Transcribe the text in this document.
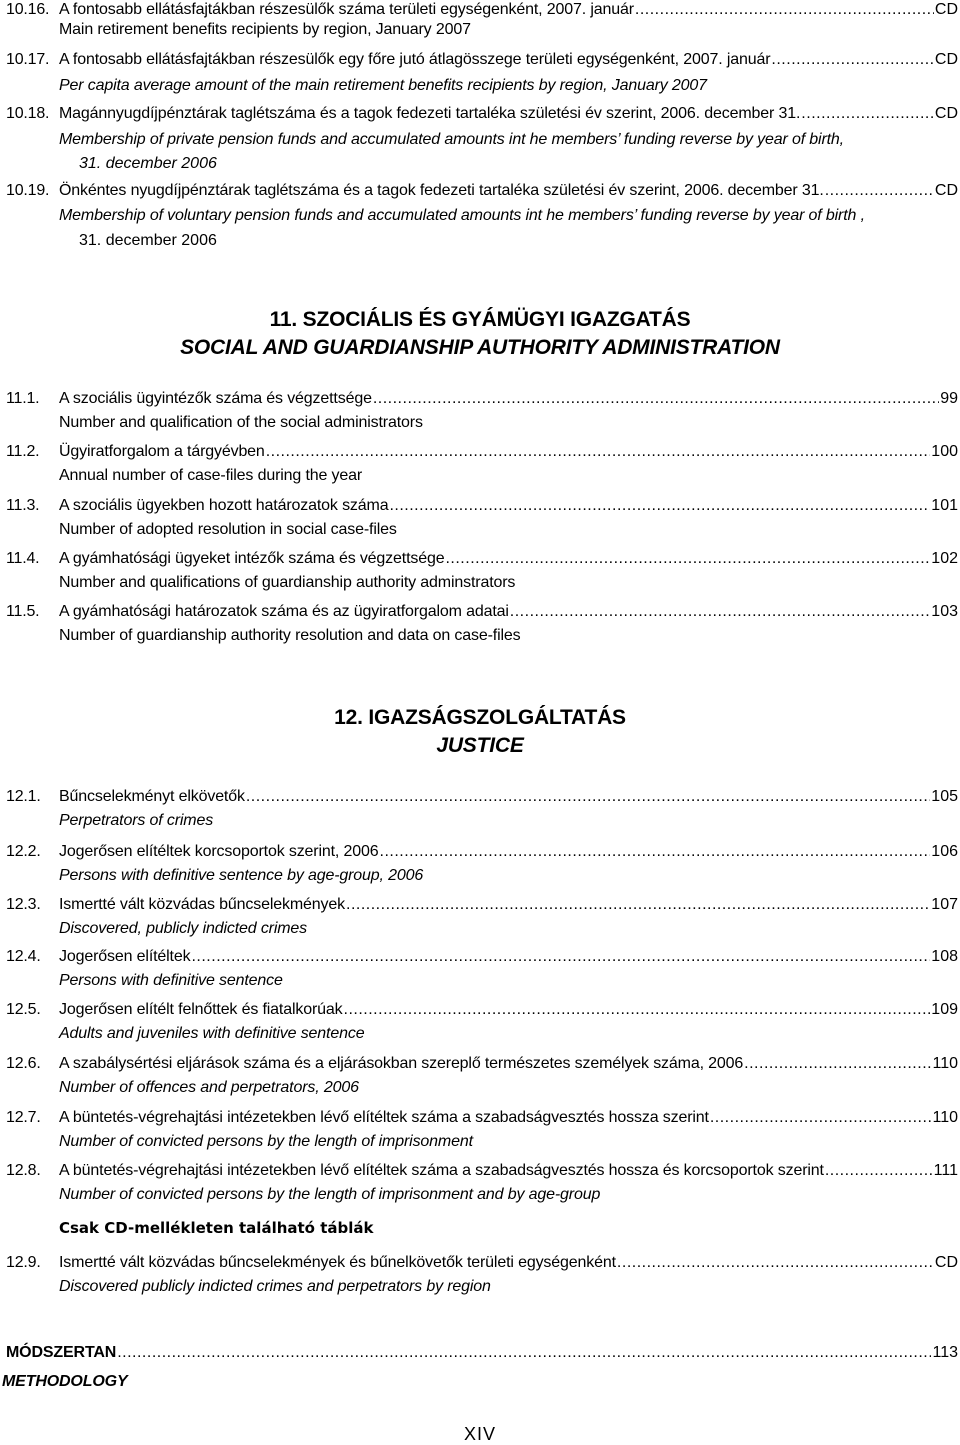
10.16. A fontosabb ellátásfajtákban részesülők száma területi egységenként, 2007. január .....	CD
Main retirement benefits recipients by region, January 2007
10.17. A fontosabb ellátásfajtákban részesülők egy főre jutó átlagösszege területi egységenként, 2007. január .....	CD
Per capita average amount of the main retirement benefits recipients by region, January 2007
10.18. Magánnyugdíjpénztárak taglétszáma és a tagok fedezeti tartaléka születési év szerint, 2006. december 31. .....	CD
Membership of private pension funds and accumulated amounts int he members’ funding reverse by year of birth,
31. december 2006
10.19. Önkéntes nyugdíjpénztárak taglétszáma és a tagok fedezeti tartaléka születési év szerint, 2006. december 31. .....	CD
Membership of voluntary pension funds and accumulated amounts int he members’ funding reverse by year of birth ,
31. december 2006
11. SZOCIÁLIS ÉS GYÁMÜGYI IGAZGATÁS
SOCIAL AND GUARDIANSHIP AUTHORITY ADMINISTRATION
11.1.	A szociális ügyintézők száma és végzettsége .....	99
Number and qualification of the social administrators
11.2.	Ügyiratforgalom a tárgyévben .....	100
Annual number of case-files during the year
11.3.	A szociális ügyekben hozott határozatok száma .....	101
Number of adopted resolution in social case-files
11.4.	A gyámhatósági ügyeket intézők száma és végzettsége .....	102
Number and qualifications of guardianship authority adminstrators
11.5.	A gyámhatósági határozatok száma és az ügyiratforgalom adatai .....	103
Number of guardianship authority resolution and data on case-files
12. IGAZSÁGSZOLGÁLTATÁS
JUSTICE
12.1.	Bűncselekményt elkövetők .....	105
Perpetrators of crimes
12.2.	Jogerősen elítéltek korcsoportok szerint, 2006 .....	106
Persons with definitive sentence by age-group, 2006
12.3.	Ismertté vált közvádas bűncselekmények .....	107
Discovered, publicly indicted crimes
12.4.	Jogerősen elítéltek .....	108
Persons with definitive sentence
12.5.	Jogerősen elítélt felnőttek és fiatalkorúak .....	109
Adults and juveniles with definitive sentence
12.6.	A szabálysértési eljárások száma és a eljárásokban szereplő természetes személyek száma, 2006 .....	110
Number of offences and perpetrators, 2006
12.7.	A büntetés-végrehajtási intézetekben lévő elítéltek száma a szabadságvesztés hossza szerint .....	110
Number of convicted persons by the length of imprisonment
12.8.	A büntetés-végrehajtási intézetekben lévő elítéltek száma a szabadságvesztés hossza és korcsoportok szerint .....	111
Number of convicted persons by the length of imprisonment and by age-group
Csak CD-mellékleten található táblák
12.9.	Ismertté vált közvádas bűncselekmények és bűnelkövetők területi egységenként .....	CD
Discovered publicly indicted crimes and perpetrators by region
MÓDSZERTAN .....	113
METHODOLOGY
XIV
